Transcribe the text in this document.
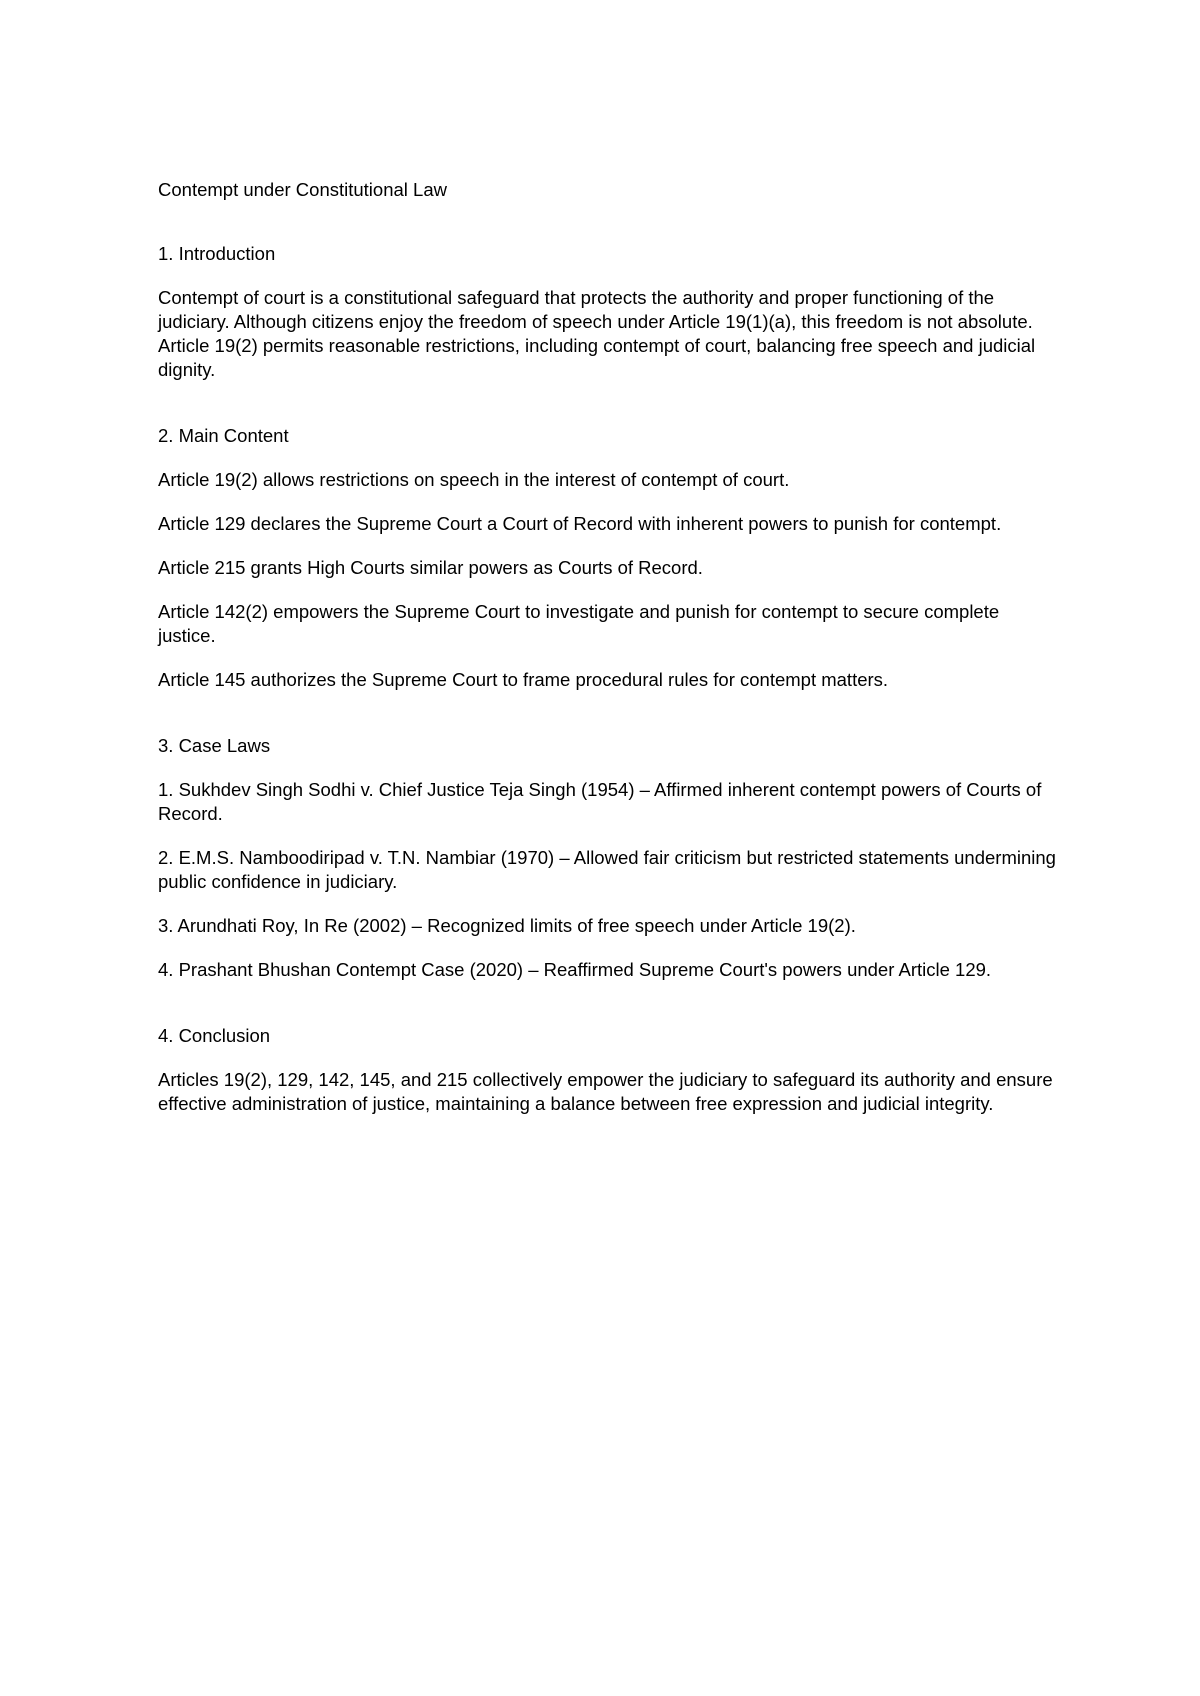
Contempt under Constitutional Law

1. Introduction

Contempt of court is a constitutional safeguard that protects the authority and proper functioning of the judiciary. Although citizens enjoy the freedom of speech under Article 19(1)(a), this freedom is not absolute. Article 19(2) permits reasonable restrictions, including contempt of court, balancing free speech and judicial dignity.

2. Main Content

Article 19(2) allows restrictions on speech in the interest of contempt of court.

Article 129 declares the Supreme Court a Court of Record with inherent powers to punish for contempt.

Article 215 grants High Courts similar powers as Courts of Record.

Article 142(2) empowers the Supreme Court to investigate and punish for contempt to secure complete justice.

Article 145 authorizes the Supreme Court to frame procedural rules for contempt matters.

3. Case Laws

1. Sukhdev Singh Sodhi v. Chief Justice Teja Singh (1954) – Affirmed inherent contempt powers of Courts of Record.

2. E.M.S. Namboodiripad v. T.N. Nambiar (1970) – Allowed fair criticism but restricted statements undermining public confidence in judiciary.

3. Arundhati Roy, In Re (2002) – Recognized limits of free speech under Article 19(2).

4. Prashant Bhushan Contempt Case (2020) – Reaffirmed Supreme Court's powers under Article 129.

4. Conclusion

Articles 19(2), 129, 142, 145, and 215 collectively empower the judiciary to safeguard its authority and ensure effective administration of justice, maintaining a balance between free expression and judicial integrity.
